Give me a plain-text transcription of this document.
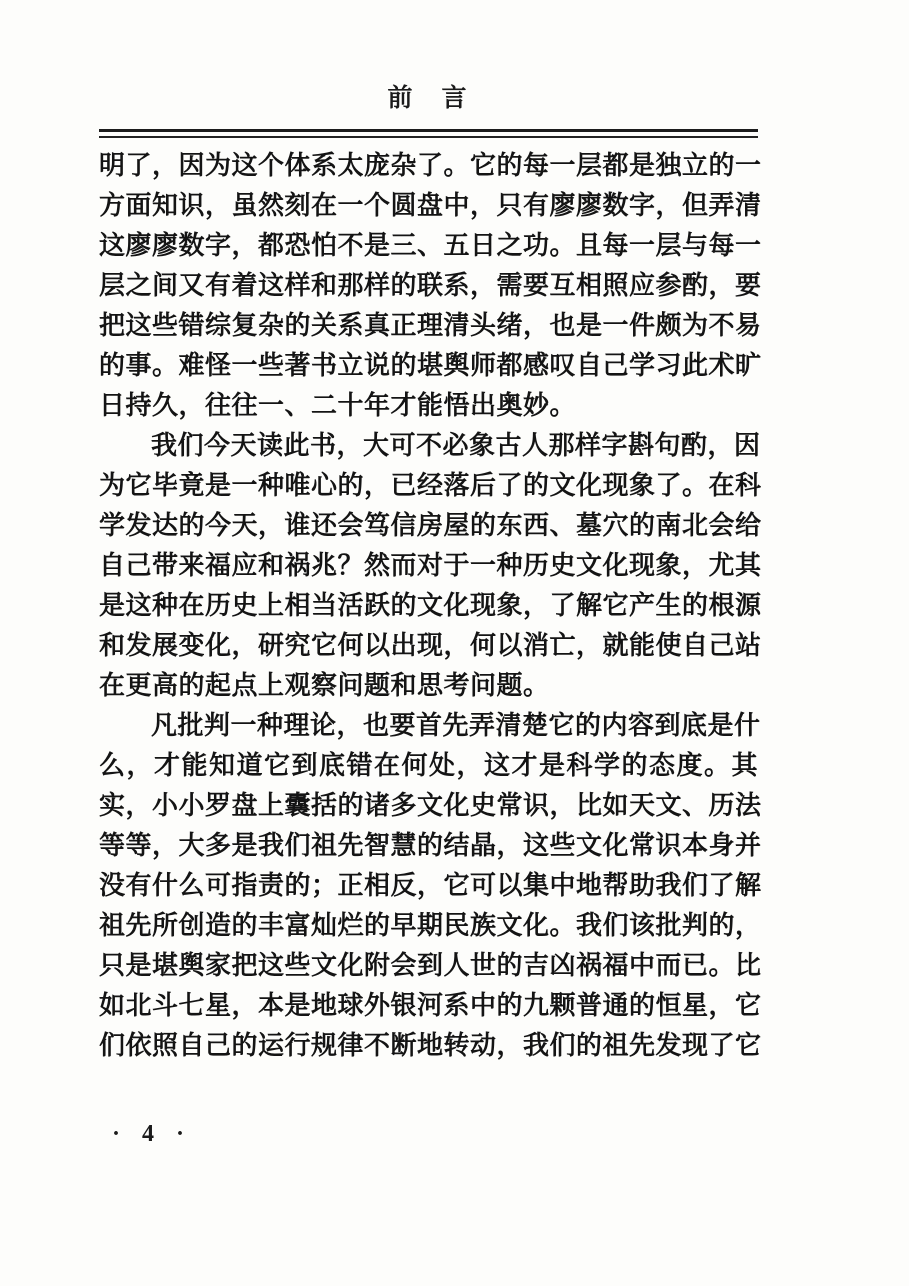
前　言
明了，因为这个体系太庞杂了。它的每一层都是独立的一
方面知识，虽然刻在一个圆盘中，只有廖廖数字，但弄清
这廖廖数字，都恐怕不是三、五日之功。且每一层与每一
层之间又有着这样和那样的联系，需要互相照应参酌，要
把这些错综复杂的关系真正理清头绪，也是一件颇为不易
的事。难怪一些著书立说的堪舆师都感叹自己学习此术旷
日持久，往往一、二十年才能悟出奥妙。
我们今天读此书，大可不必象古人那样字斟句酌，因
为它毕竟是一种唯心的，已经落后了的文化现象了。在科
学发达的今天，谁还会笃信房屋的东西、墓穴的南北会给
自己带来福应和祸兆？然而对于一种历史文化现象，尤其
是这种在历史上相当活跃的文化现象，了解它产生的根源
和发展变化，研究它何以出现，何以消亡，就能使自己站
在更高的起点上观察问题和思考问题。
凡批判一种理论，也要首先弄清楚它的内容到底是什
么，才能知道它到底错在何处，这才是科学的态度。其
实，小小罗盘上囊括的诸多文化史常识，比如天文、历法
等等，大多是我们祖先智慧的结晶，这些文化常识本身并
没有什么可指责的；正相反，它可以集中地帮助我们了解
祖先所创造的丰富灿烂的早期民族文化。我们该批判的，
只是堪舆家把这些文化附会到人世的吉凶祸福中而已。比
如北斗七星，本是地球外银河系中的九颗普通的恒星，它
们依照自己的运行规律不断地转动，我们的祖先发现了它
· 4 ·
